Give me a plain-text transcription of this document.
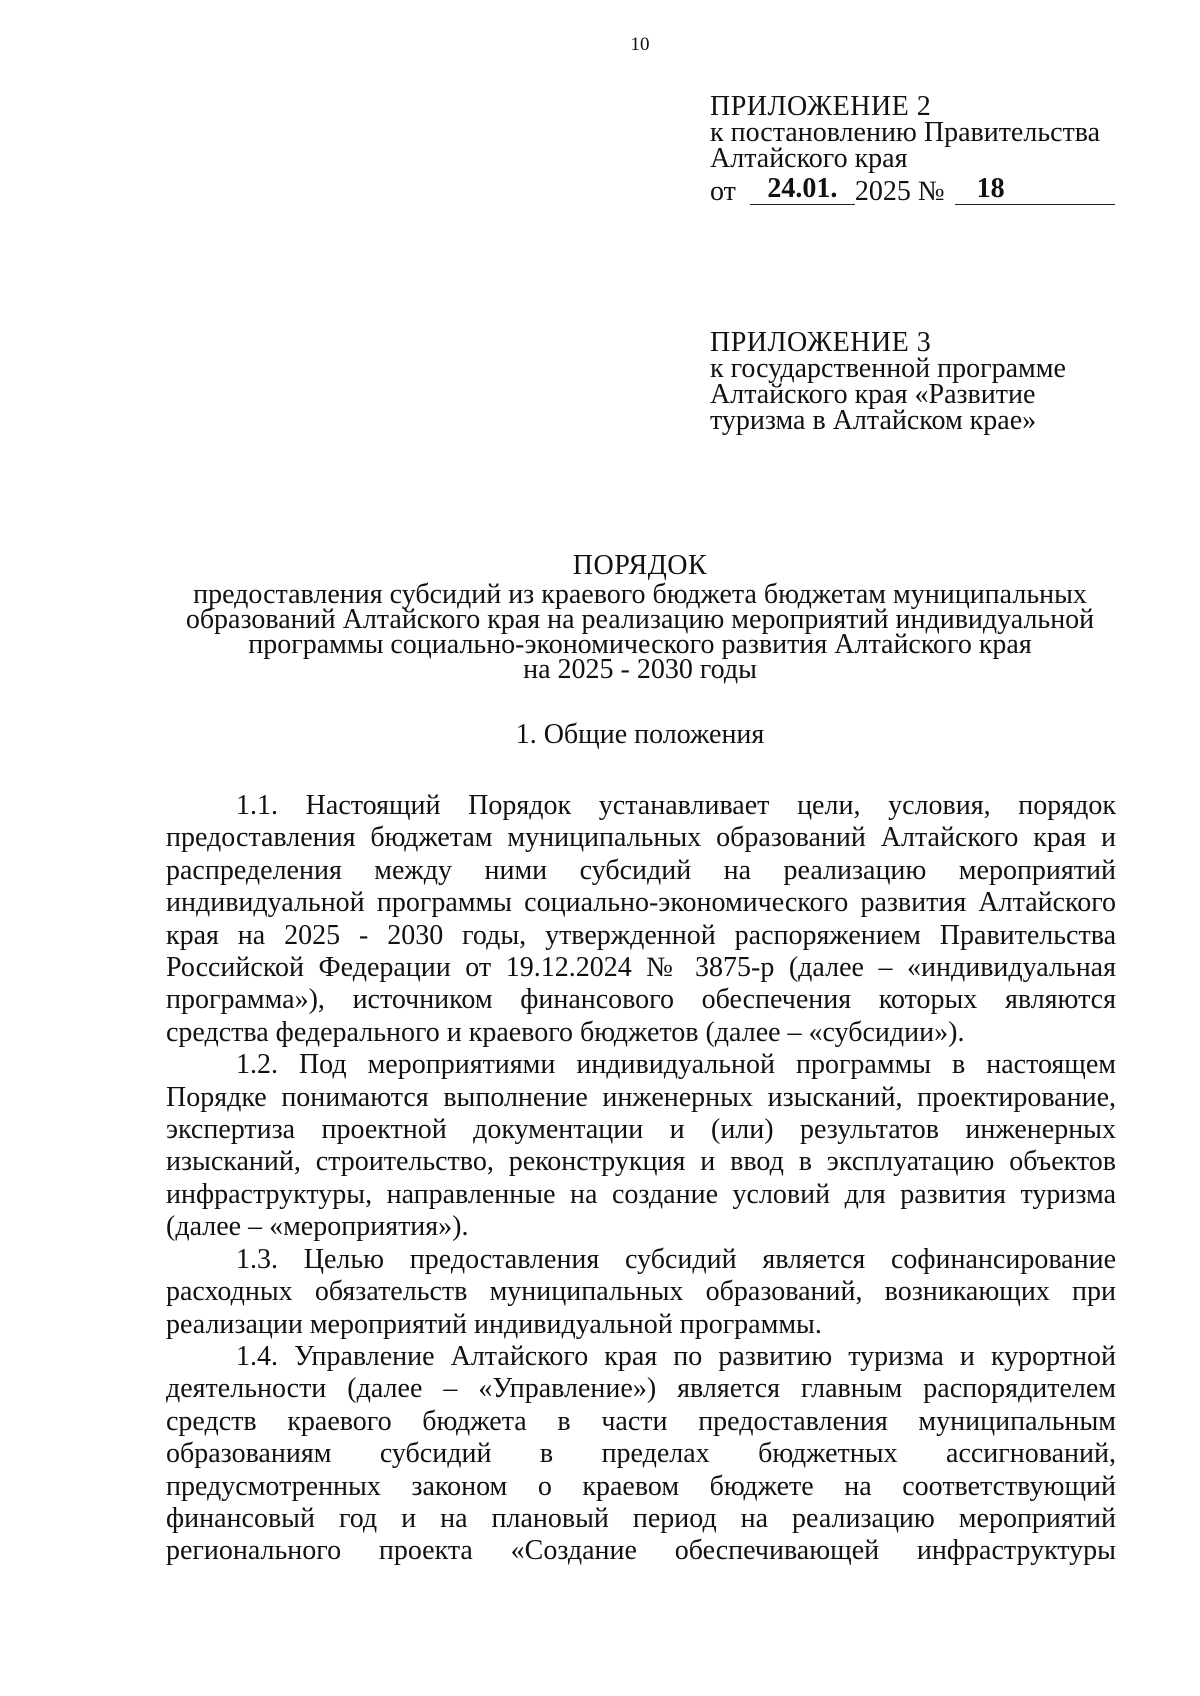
10
ПРИЛОЖЕНИЕ 2
к постановлению Правительства
Алтайского края
от	24.01. 2025 №	18
ПРИЛОЖЕНИЕ 3
к государственной программе
Алтайского края «Развитие
туризма в Алтайском крае»
ПОРЯДОК
предоставления субсидий из краевого бюджета бюджетам муниципальных
образований Алтайского края на реализацию мероприятий индивидуальной
программы социально-экономического развития Алтайского края
на 2025 - 2030 годы
1. Общие положения

1.1. Настоящий Порядок устанавливает цели, условия, порядок предоставления бюджетам муниципальных образований Алтайского края и распределения между ними субсидий на реализацию мероприятий индивидуальной программы социально-экономического развития Алтайского края на 2025 - 2030 годы, утвержденной распоряжением Правительства Российской Федерации от 19.12.2024 № 3875-р (далее – «индивидуальная программа»), источником финансового обеспечения которых являются средства федерального и краевого бюджетов (далее – «субсидии»).

1.2. Под мероприятиями индивидуальной программы в настоящем Порядке понимаются выполнение инженерных изысканий, проектирование, экспертиза проектной документации и (или) результатов инженерных изысканий, строительство, реконструкция и ввод в эксплуатацию объектов инфраструктуры, направленные на создание условий для развития туризма (далее – «мероприятия»).

1.3. Целью предоставления субсидий является софинансирование расходных обязательств муниципальных образований, возникающих при реализации мероприятий индивидуальной программы.

1.4. Управление Алтайского края по развитию туризма и курортной деятельности (далее – «Управление») является главным распорядителем средств краевого бюджета в части предоставления муниципальным образованиям субсидий в пределах бюджетных ассигнований, предусмотренных законом о краевом бюджете на соответствующий финансовый год и на плановый период на реализацию мероприятий регионального проекта «Создание обеспечивающей инфраструктуры
